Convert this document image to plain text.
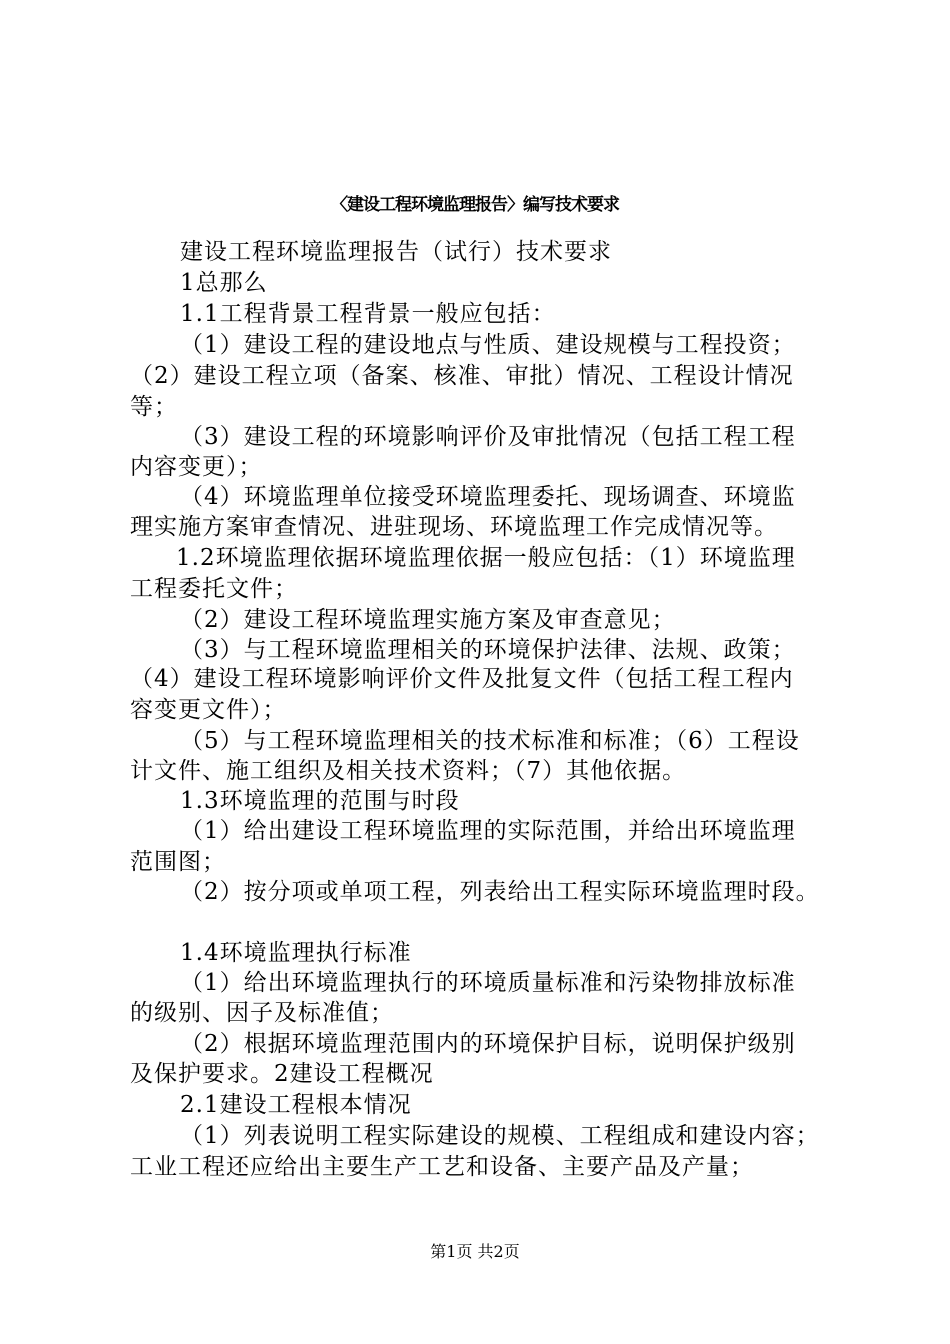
〈建设工程环境监理报告〉编写技术要求
建设工程环境监理报告（试行）技术要求
1总那么
1.1工程背景工程背景一般应包括：
（1）建设工程的建设地点与性质、建设规模与工程投资；
（2）建设工程立项（备案、核准、审批）情况、工程设计情况
等；
（3）建设工程的环境影响评价及审批情况（包括工程工程
内容变更）；
（4）环境监理单位接受环境监理委托、现场调查、环境监
理实施方案审查情况、进驻现场、环境监理工作完成情况等。
1.2环境监理依据环境监理依据一般应包括：（1）环境监理
工程委托文件；
（2）建设工程环境监理实施方案及审查意见；
（3）与工程环境监理相关的环境保护法律、法规、政策；
（4）建设工程环境影响评价文件及批复文件（包括工程工程内
容变更文件）；
（5）与工程环境监理相关的技术标准和标准；（6）工程设
计文件、施工组织及相关技术资料；（7）其他依据。
1.3环境监理的范围与时段
（1）给出建设工程环境监理的实际范围，并给出环境监理
范围图；
（2）按分项或单项工程，列表给出工程实际环境监理时段。
1.4环境监理执行标准
（1）给出环境监理执行的环境质量标准和污染物排放标准
的级别、因子及标准值；
（2）根据环境监理范围内的环境保护目标，说明保护级别
及保护要求。2建设工程概况
2.1建设工程根本情况
（1）列表说明工程实际建设的规模、工程组成和建设内容；
工业工程还应给出主要生产工艺和设备、主要产品及产量；
第1页 共2页
